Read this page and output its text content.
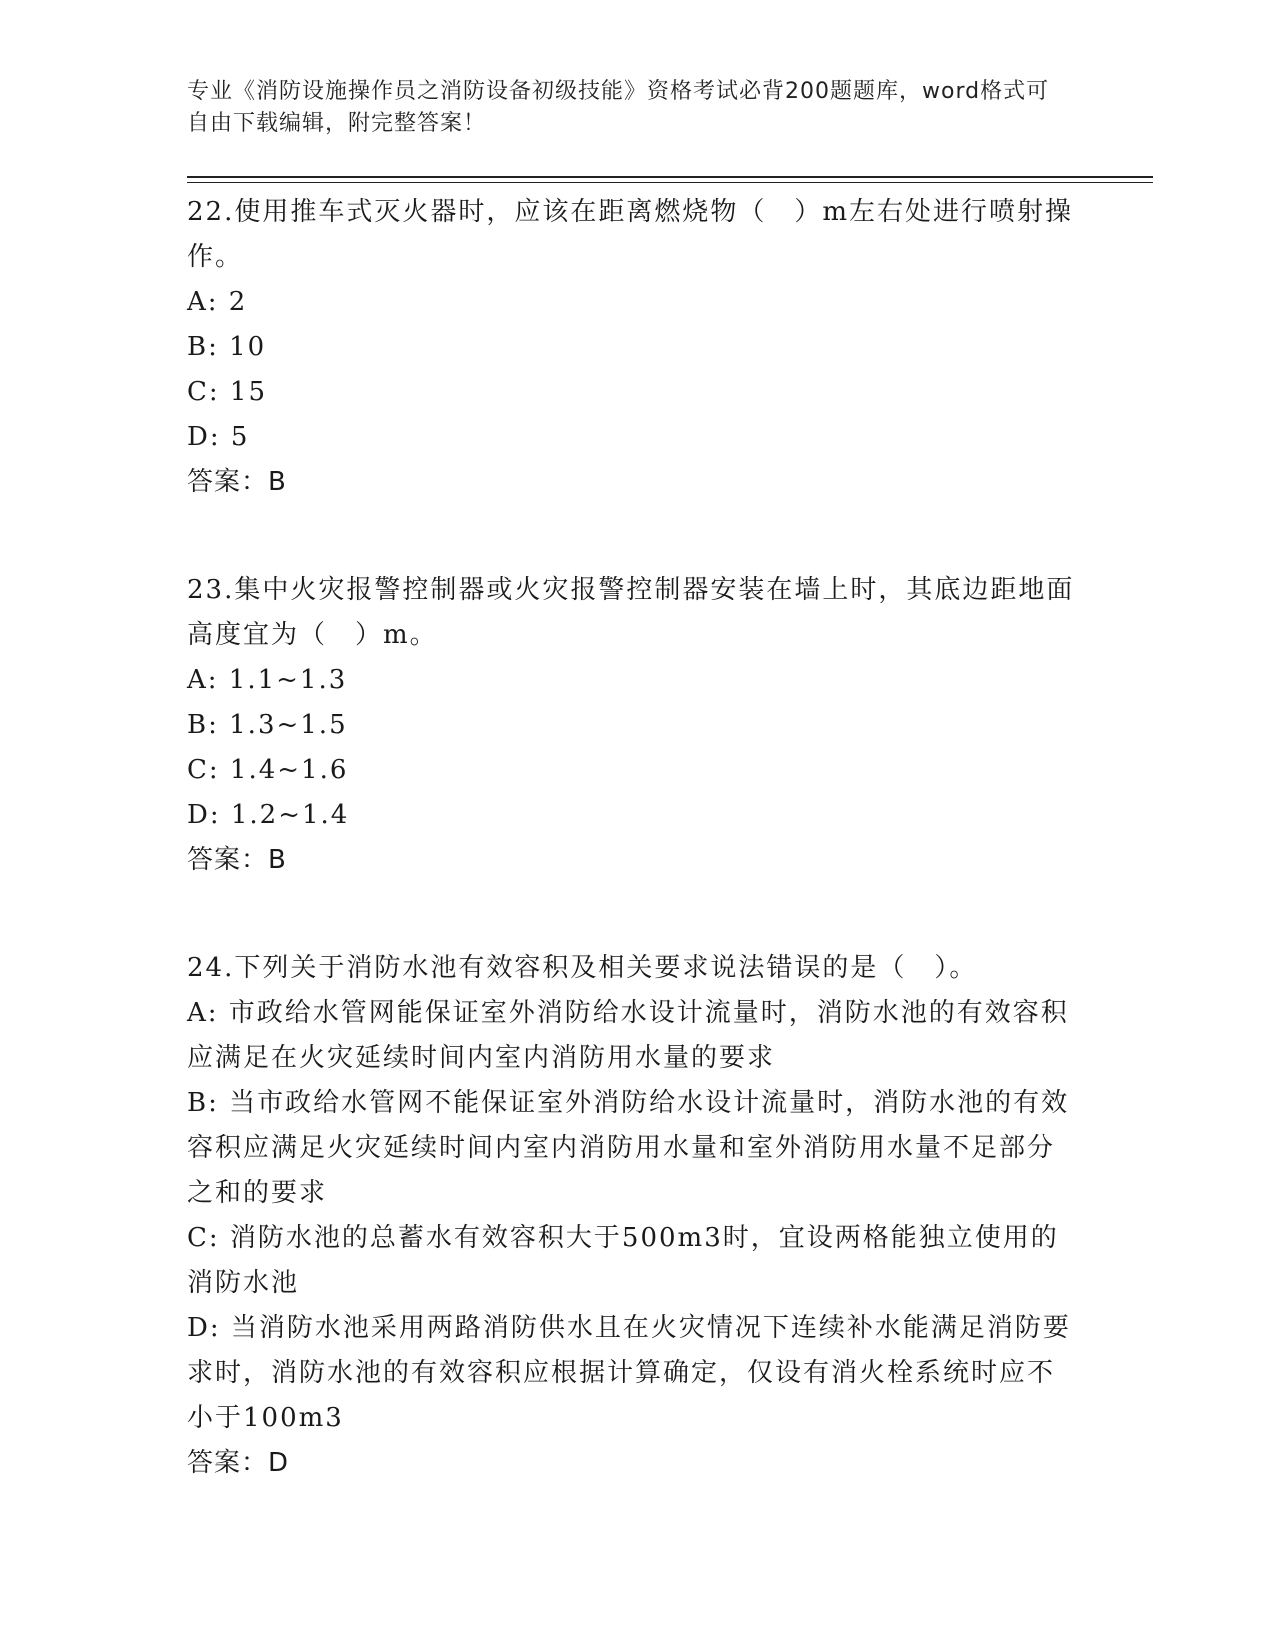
专业《消防设施操作员之消防设备初级技能》资格考试必背200题题库，word格式可自由下载编辑，附完整答案！

22.使用推车式灭火器时，应该在距离燃烧物（　）m左右处进行喷射操作。

A: 2

B: 10

C: 15

D: 5

答案：B

23.集中火灾报警控制器或火灾报警控制器安装在墙上时，其底边距地面高度宜为（　）m。

A: 1.1~1.3

B: 1.3~1.5

C: 1.4~1.6

D: 1.2~1.4

答案：B

24.下列关于消防水池有效容积及相关要求说法错误的是（　）。

A: 市政给水管网能保证室外消防给水设计流量时，消防水池的有效容积应满足在火灾延续时间内室内消防用水量的要求

B: 当市政给水管网不能保证室外消防给水设计流量时，消防水池的有效容积应满足火灾延续时间内室内消防用水量和室外消防用水量不足部分之和的要求

C: 消防水池的总蓄水有效容积大于500m3时，宜设两格能独立使用的消防水池

D: 当消防水池采用两路消防供水且在火灾情况下连续补水能满足消防要求时，消防水池的有效容积应根据计算确定，仅设有消火栓系统时应不小于100m3

答案：D
